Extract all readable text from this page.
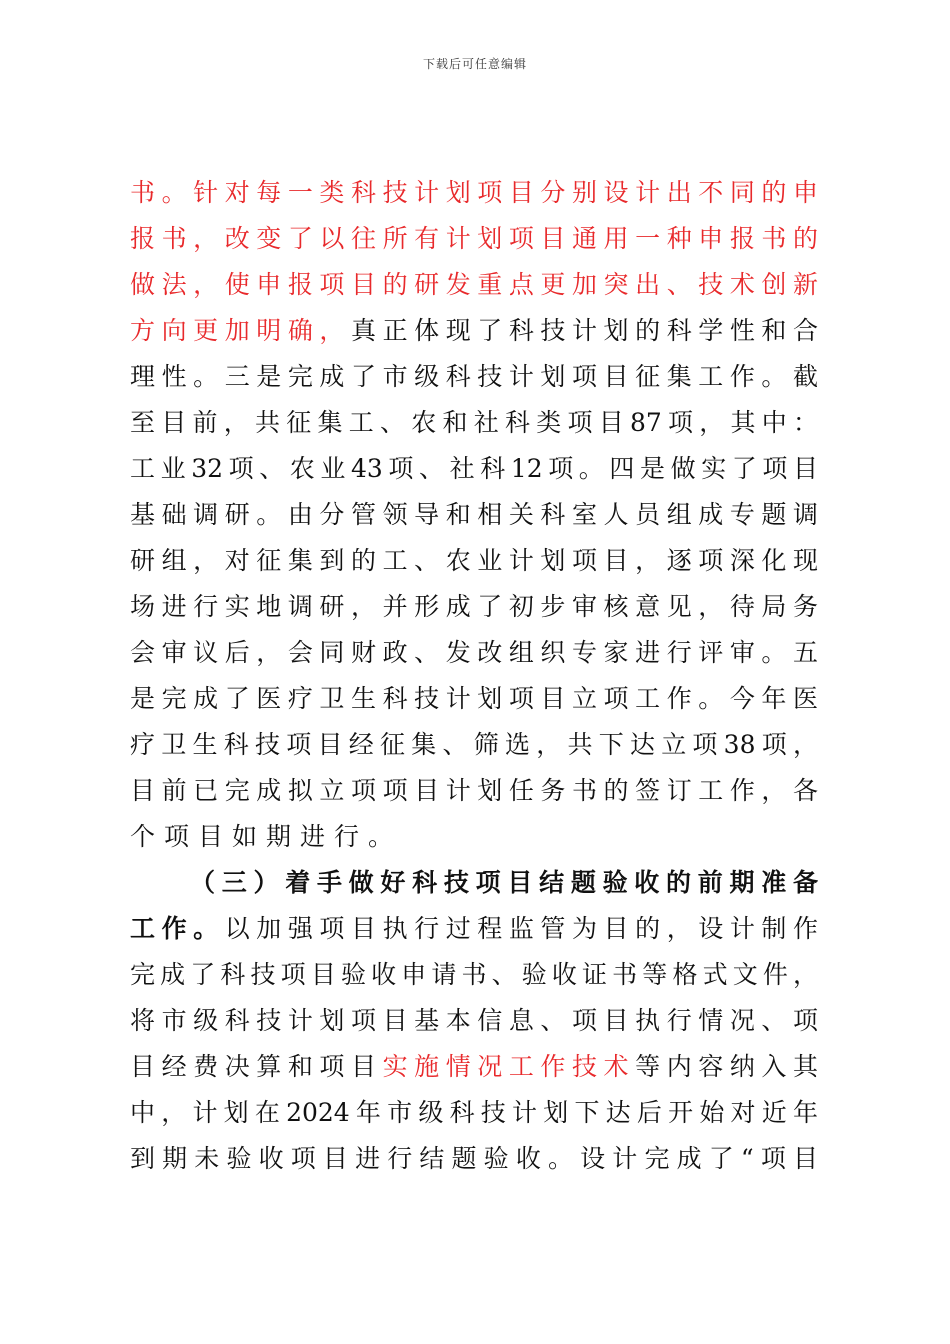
下载后可任意编辑
书。针对每一类科技计划项目分别设计出不同的申
报书，改变了以往所有计划项目通用一种申报书的
做法，使申报项目的研发重点更加突出、技术创新
方向更加明确，真正体现了科技计划的科学性和合
理性。三是完成了市级科技计划项目征集工作。截
至目前，共征集工、农和社科类项目87项，其中：
工业32项、农业43项、社科12项。四是做实了项目
基础调研。由分管领导和相关科室人员组成专题调
研组，对征集到的工、农业计划项目，逐项深化现
场进行实地调研，并形成了初步审核意见，待局务
会审议后，会同财政、发改组织专家进行评审。五
是完成了医疗卫生科技计划项目立项工作。今年医
疗卫生科技项目经征集、筛选，共下达立项38项，
目前已完成拟立项项目计划任务书的签订工作，各
个项目如期进行。
（三）着手做好科技项目结题验收的前期准备
工作。以加强项目执行过程监管为目的，设计制作
完成了科技项目验收申请书、验收证书等格式文件，
将市级科技计划项目基本信息、项目执行情况、项
目经费决算和项目实施情况工作技术等内容纳入其
中，计划在2024年市级科技计划下达后开始对近年
到期未验收项目进行结题验收。设计完成了“项目
